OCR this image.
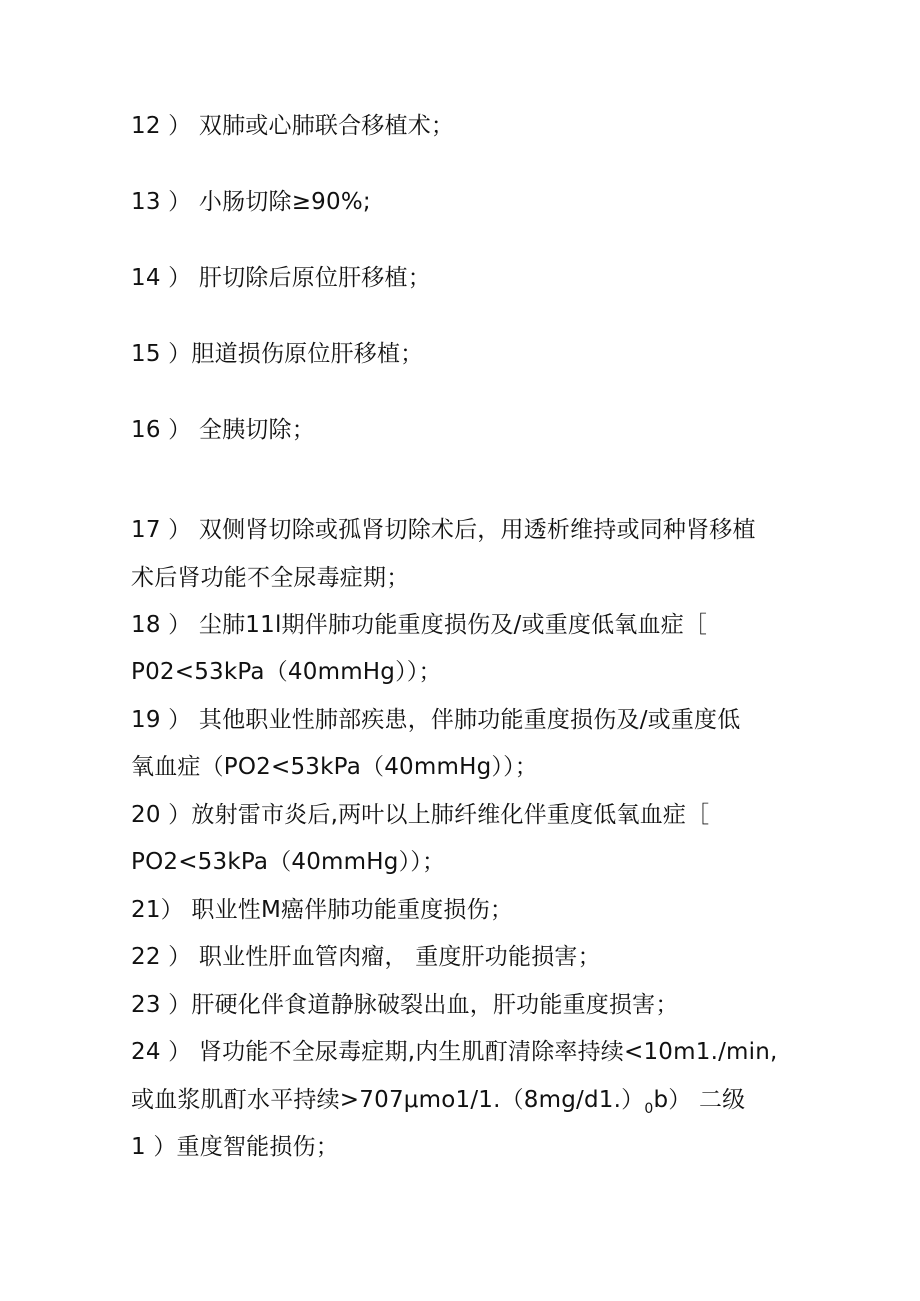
12 ） 双肺或心肺联合移植术；
13 ） 小肠切除≥90%;
14 ） 肝切除后原位肝移植；
15 ）胆道损伤原位肝移植；
16 ） 全胰切除；
17 ） 双侧肾切除或孤肾切除术后，用透析维持或同种肾移植
术后肾功能不全尿毒症期；
18 ） 尘肺11l期伴肺功能重度损伤及/或重度低氧血症［
P02<53kPa（40mmHg））；
19 ） 其他职业性肺部疾患，伴肺功能重度损伤及/或重度低
氧血症（PO2<53kPa（40mmHg））；
20 ）放射雷市炎后,两叶以上肺纤维化伴重度低氧血症［
PO2<53kPa（40mmHg））；
21） 职业性M癌伴肺功能重度损伤；
22 ） 职业性肝血管肉瘤， 重度肝功能损害；
23 ）肝硬化伴食道静脉破裂出血，肝功能重度损害；
24 ） 肾功能不全尿毒症期,内生肌酊清除率持续<10m1./min,
或血浆肌酊水平持续$>707\mu mo1/1.(8mg/d1.)_0b$） 二级
1 ）重度智能损伤；
